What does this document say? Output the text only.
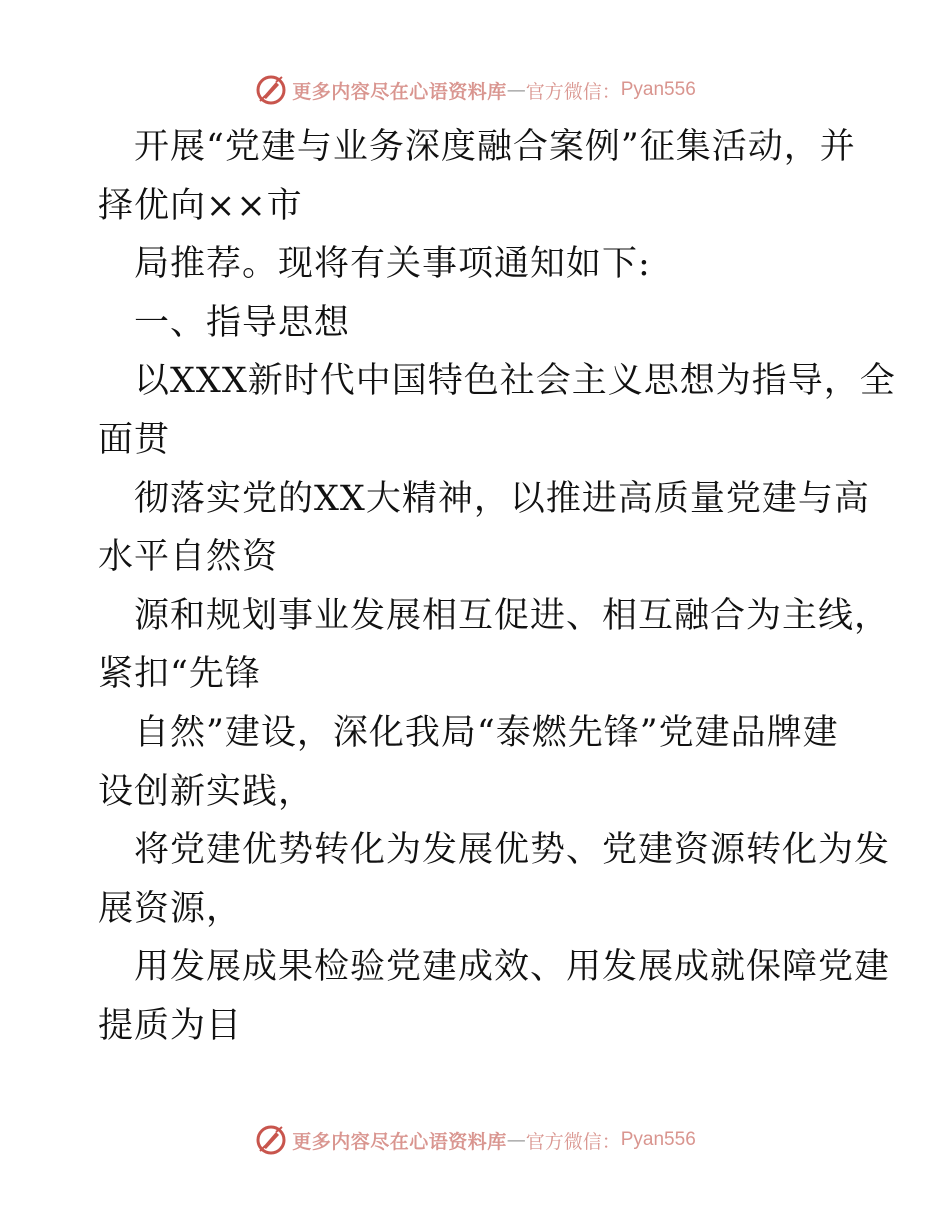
更多内容尽在心语资料库 — 官方微信： Pyan556
开展“党建与业务深度融合案例”征集活动，并
择优向××市
局推荐。现将有关事项通知如下:
一、指导思想
以XXX新时代中国特色社会主义思想为指导，全
面贯
彻落实党的XX大精神，以推进高质量党建与高
水平自然资
源和规划事业发展相互促进、相互融合为主线，
紧扣“先锋
自然”建设，深化我局“泰燃先锋”党建品牌建
设创新实践，
将党建优势转化为发展优势、党建资源转化为发
展资源，
用发展成果检验党建成效、用发展成就保障党建
提质为目
更多内容尽在心语资料库 — 官方微信： Pyan556
